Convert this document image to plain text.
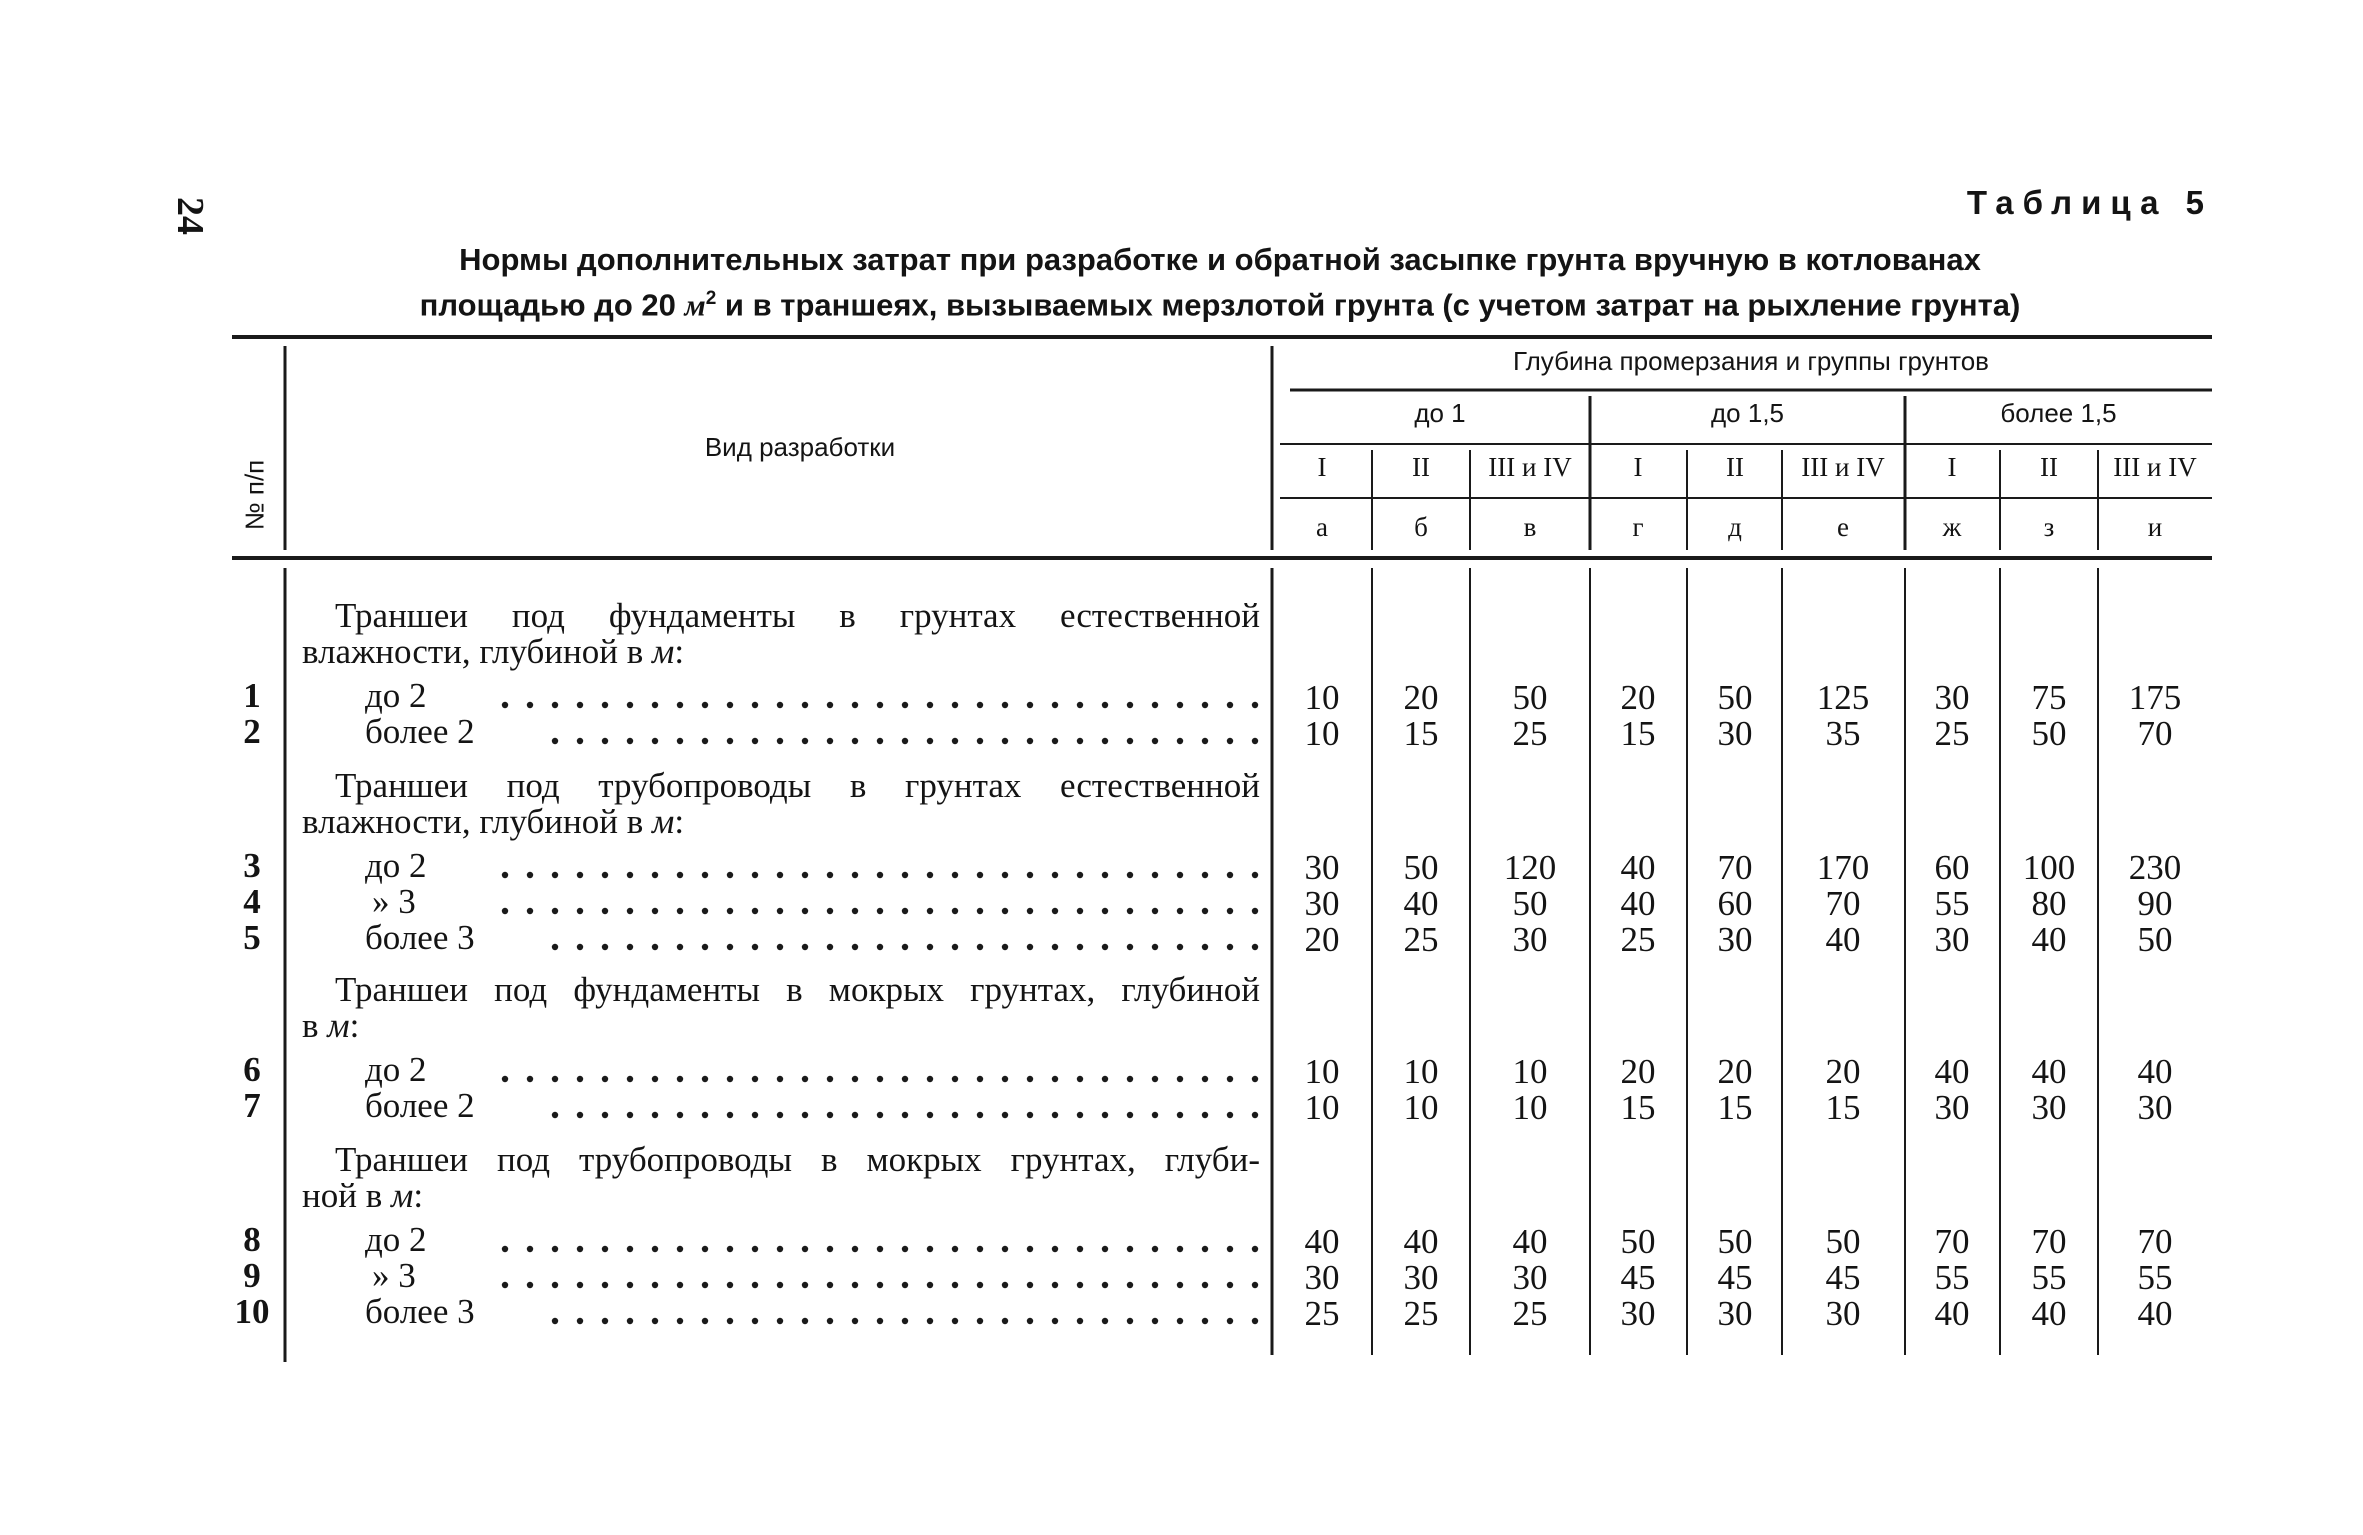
24	Таблица 5
Нормы дополнительных затрат при разработке и обратной засыпке грунта вручную в котлованах
площадью до 20 $м^2$ и в траншеях, вызываемых мерзлотой грунта (с учетом затрат на рыхление грунта)
№ п/п
Вид разработки
Глубина промерзания и группы грунтов
до 1	до 1,5	более 1,5
I	II	III и IV	I	II	III и IV	I	II	III и IV
а	б	в	г	д	е	ж	з	и
Траншеи под фундаменты в грунтах естественной
влажности, глубиной в м:
1	до 2	10	20	50	20	50	125	30	75	175
2	более 2	10	15	25	15	30	35	25	50	70
Траншеи под трубопроводы в грунтах естественной
влажности, глубиной в м:
3	до 2	30	50	120	40	70	170	60	100	230
4	» 3	30	40	50	40	60	70	55	80	90
5	более 3	20	25	30	25	30	40	30	40	50
Траншеи под фундаменты в мокрых грунтах, глубиной
в м:
6	до 2	10	10	10	20	20	20	40	40	40
7	более 2	10	10	10	15	15	15	30	30	30
Траншеи под трубопроводы в мокрых грунтах, глуби-
ной в м:
8	до 2	40	40	40	50	50	50	70	70	70
9	» 3	30	30	30	45	45	45	55	55	55
10	более 3	25	25	25	30	30	30	40	40	40
